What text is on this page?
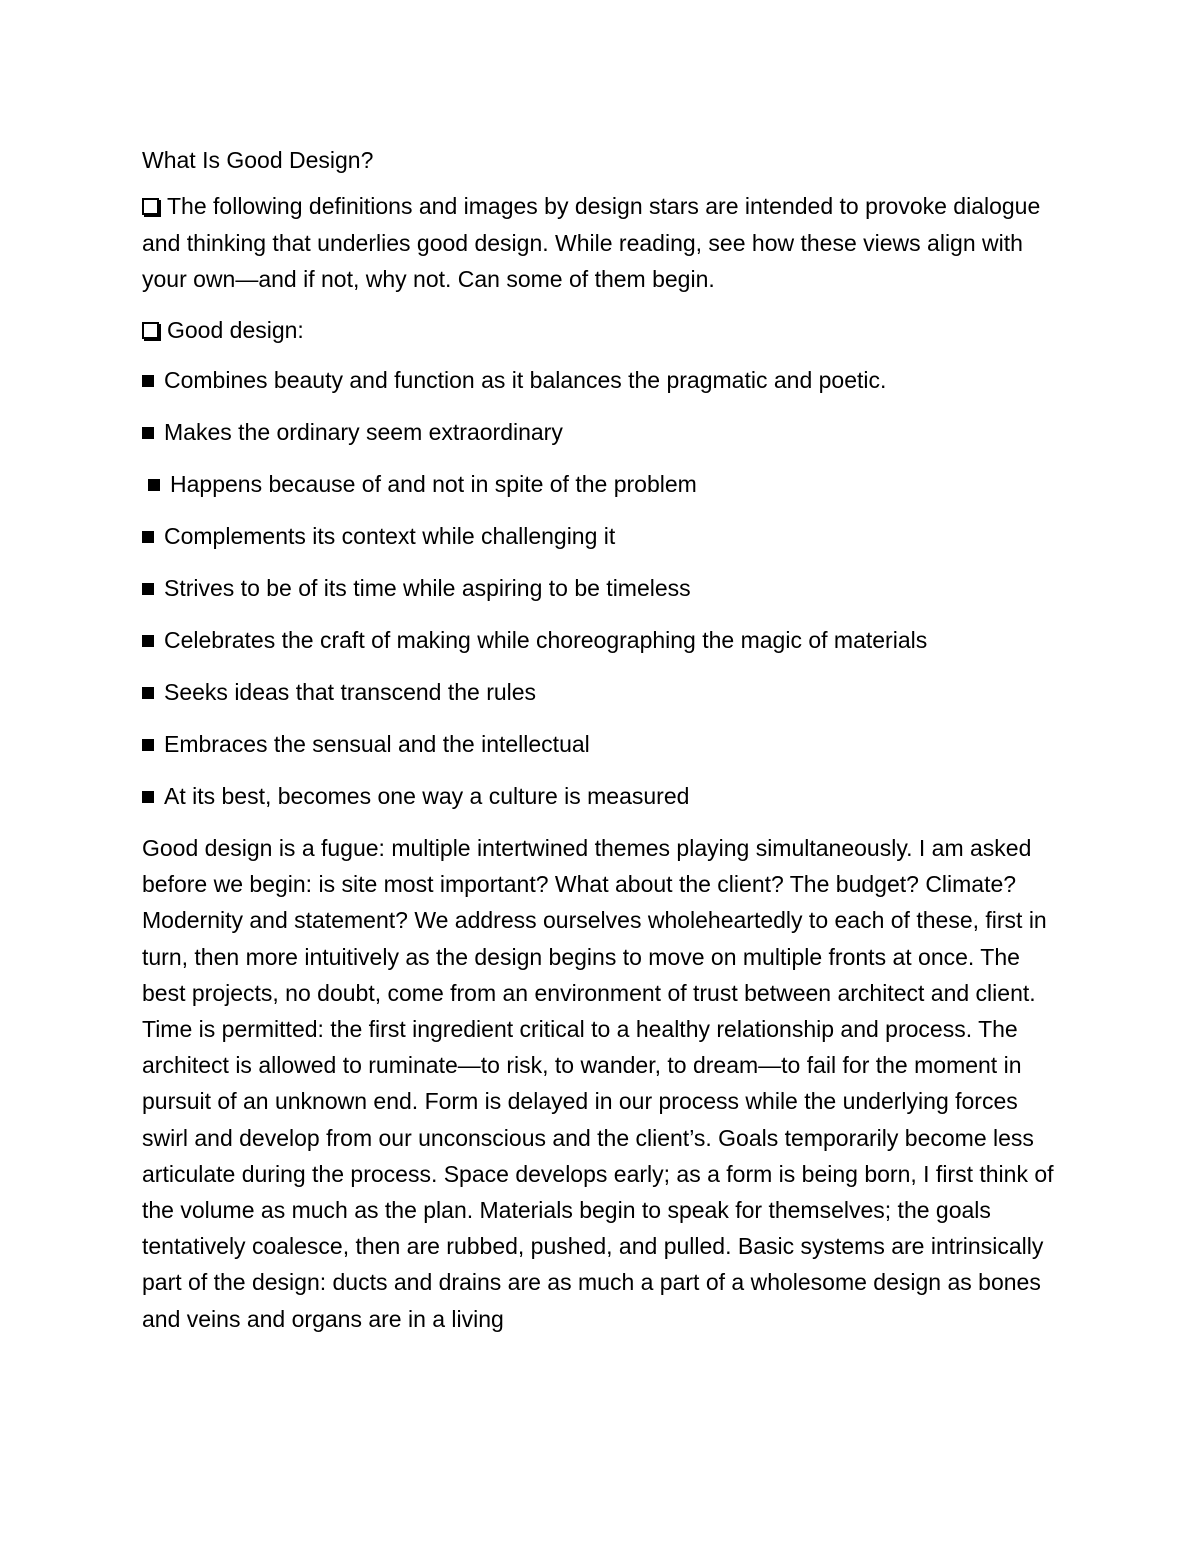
What Is Good Design?

The following definitions and images by design stars are intended to provoke dialogue and thinking that underlies good design. While reading, see how these views align with your own—and if not, why not. Can some of them begin.

Good design:

Combines beauty and function as it balances the pragmatic and poetic.
Makes the ordinary seem extraordinary
Happens because of and not in spite of the problem
Complements its context while challenging it
Strives to be of its time while aspiring to be timeless
Celebrates the craft of making while choreographing the magic of materials
Seeks ideas that transcend the rules
Embraces the sensual and the intellectual
At its best, becomes one way a culture is measured

Good design is a fugue: multiple intertwined themes playing simultaneously. I am asked before we begin: is site most important? What about the client? The budget? Climate? Modernity and statement? We address ourselves wholeheartedly to each of these, first in turn, then more intuitively as the design begins to move on multiple fronts at once. The best projects, no doubt, come from an environment of trust between architect and client. Time is permitted: the first ingredient critical to a healthy relationship and process. The architect is allowed to ruminate—to risk, to wander, to dream—to fail for the moment in pursuit of an unknown end. Form is delayed in our process while the underlying forces swirl and develop from our unconscious and the client’s. Goals temporarily become less articulate during the process. Space develops early; as a form is being born, I first think of the volume as much as the plan. Materials begin to speak for themselves; the goals tentatively coalesce, then are rubbed, pushed, and pulled. Basic systems are intrinsically part of the design: ducts and drains are as much a part of a wholesome design as bones and veins and organs are in a living
